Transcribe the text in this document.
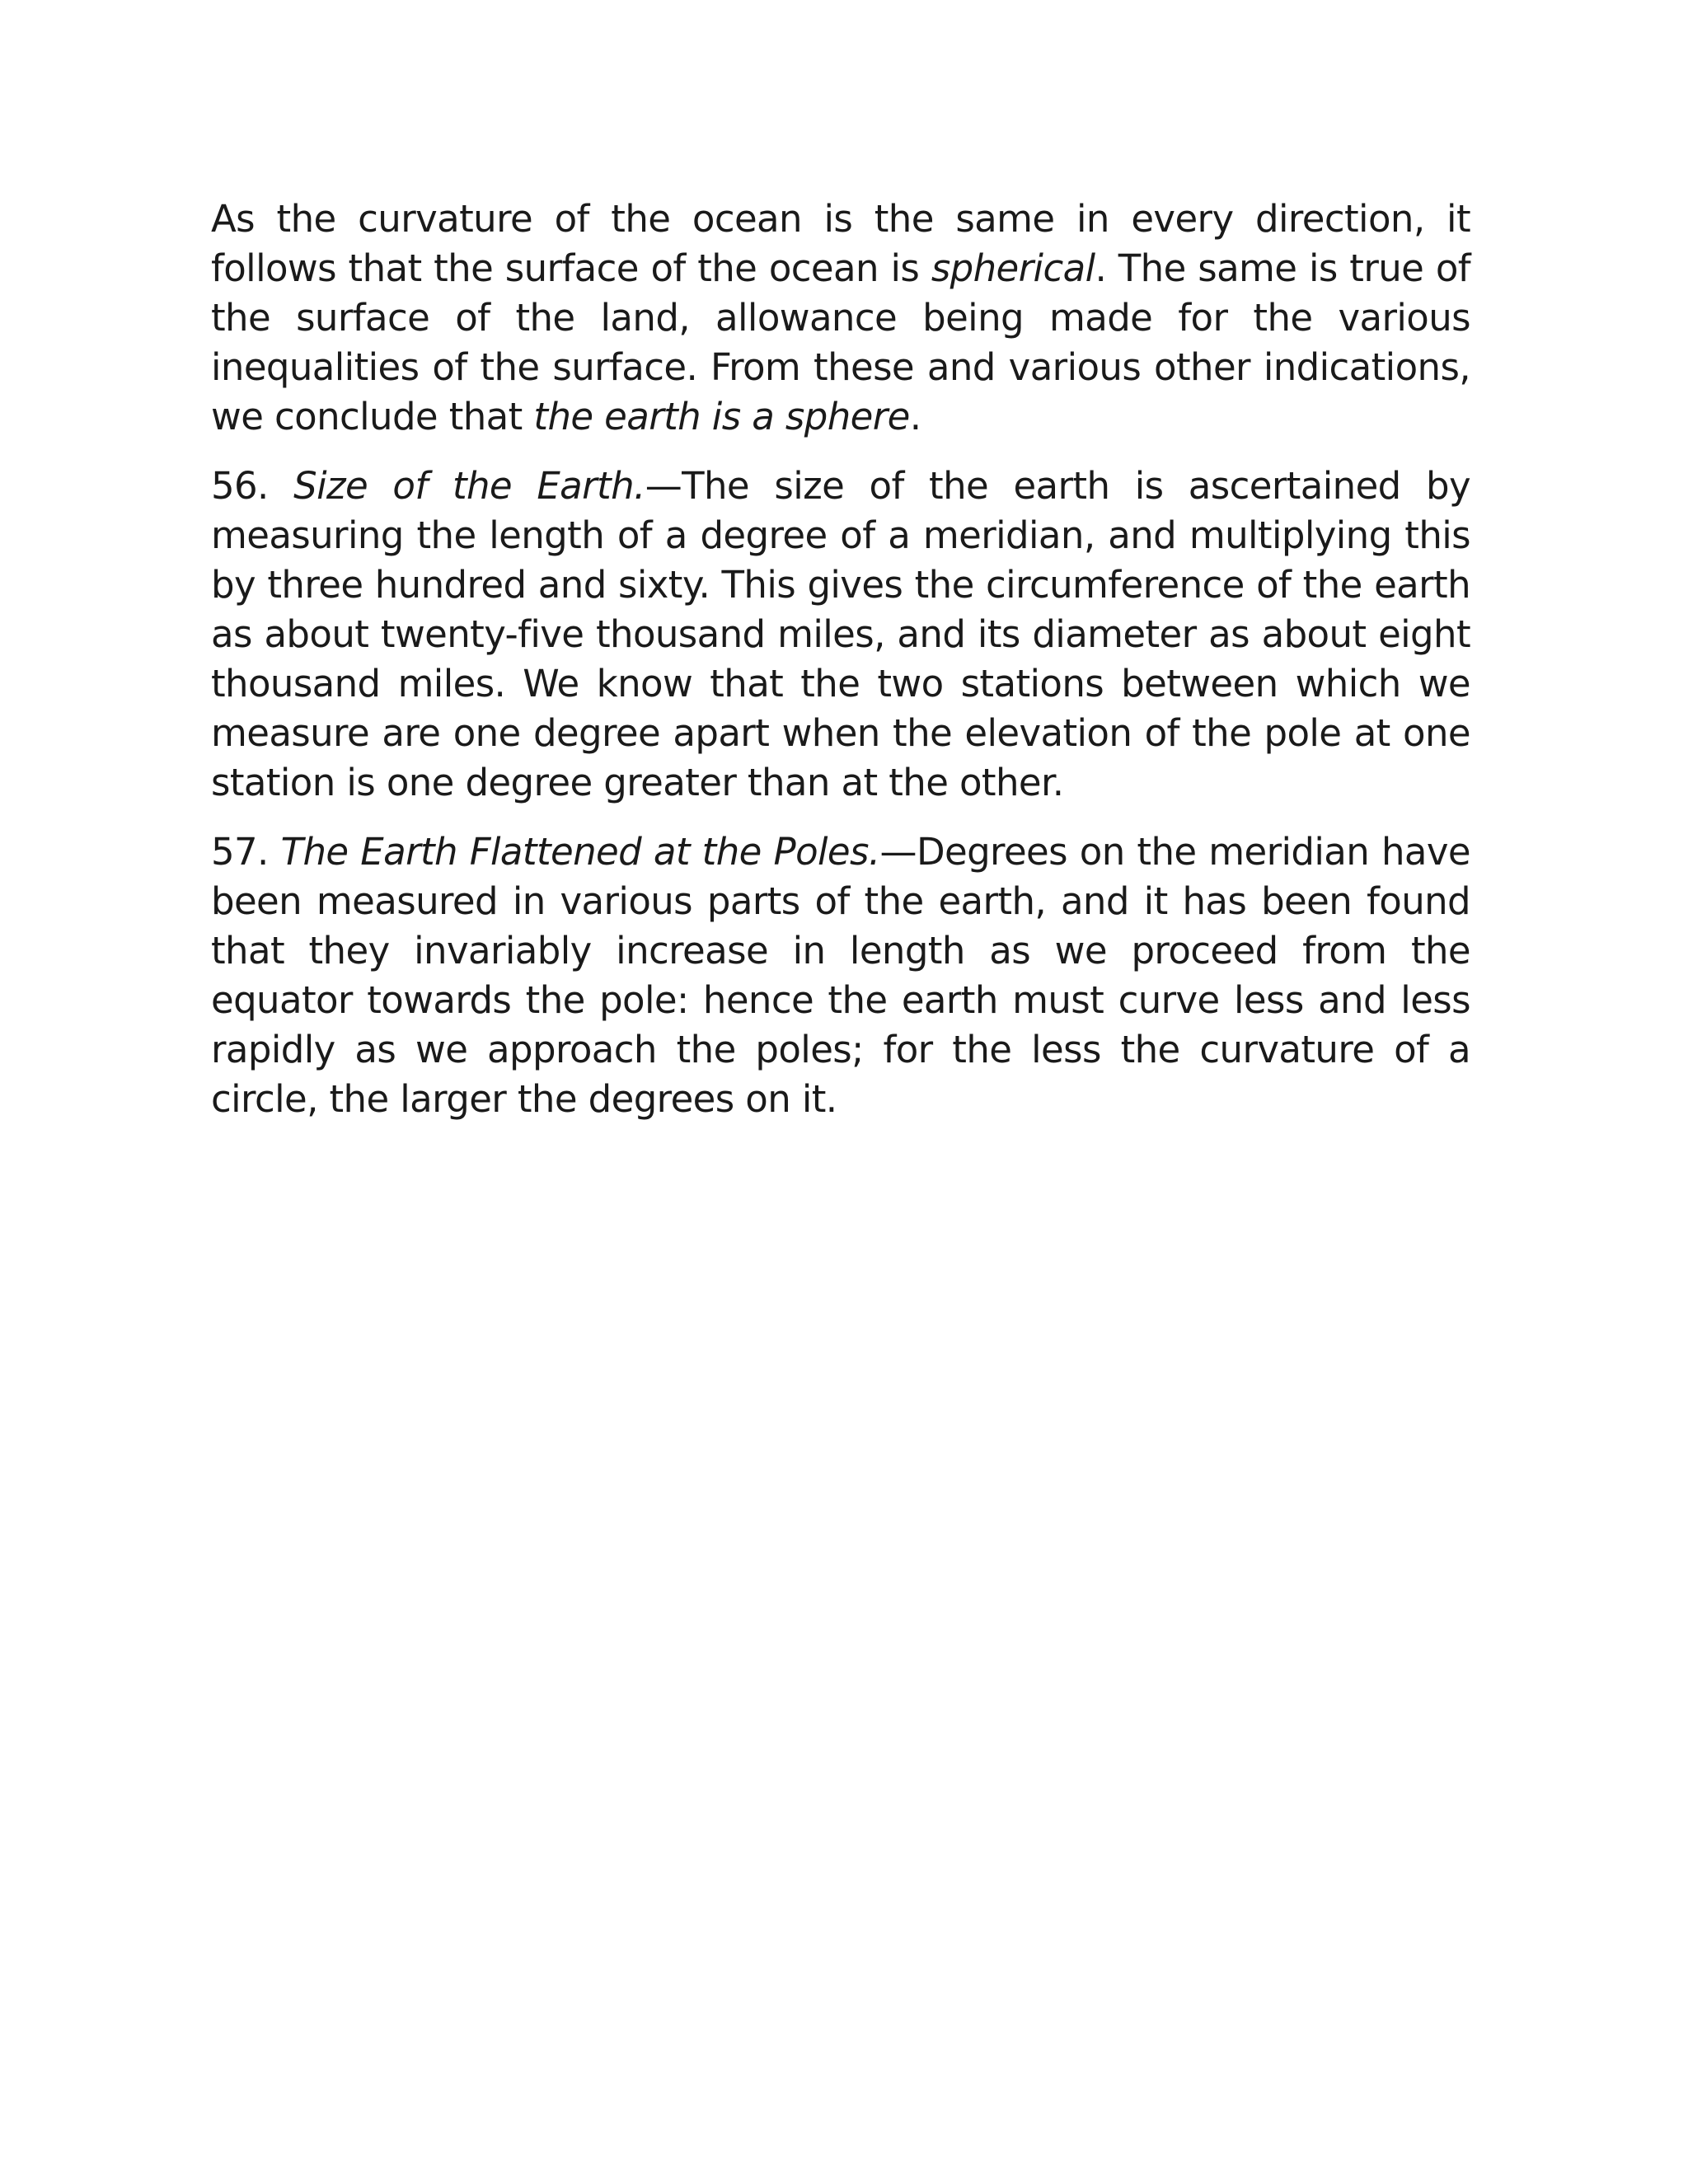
As the curvature of the ocean is the same in every direction, it follows that the surface of the ocean is spherical. The same is true of the surface of the land, allowance being made for the various inequalities of the surface. From these and various other indications, we conclude that the earth is a sphere.

56. Size of the Earth.—The size of the earth is ascertained by measuring the length of a degree of a meridian, and multiplying this by three hundred and sixty. This gives the circumference of the earth as about twenty-five thousand miles, and its diameter as about eight thousand miles. We know that the two stations between which we measure are one degree apart when the elevation of the pole at one station is one degree greater than at the other.

57. The Earth Flattened at the Poles.—Degrees on the meridian have been measured in various parts of the earth, and it has been found that they invariably increase in length as we proceed from the equator towards the pole: hence the earth must curve less and less rapidly as we approach the poles; for the less the curvature of a circle, the larger the degrees on it.
